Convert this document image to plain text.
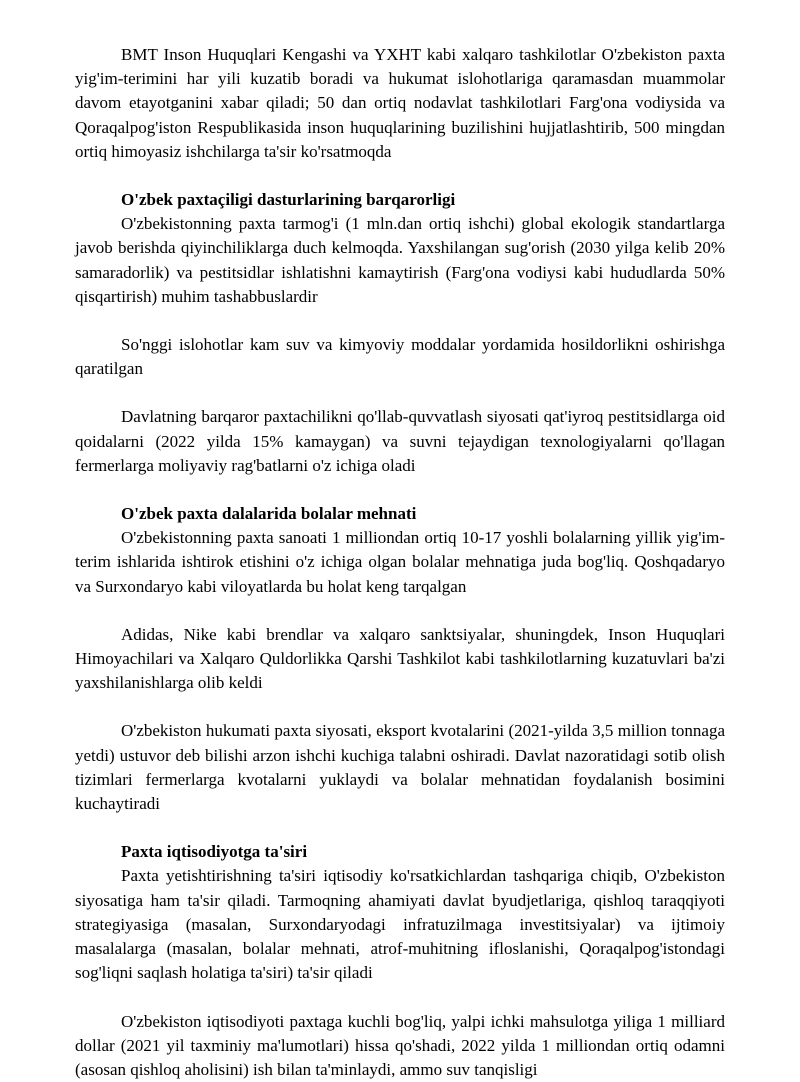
BMT Inson Huquqlari Kengashi va YXHT kabi xalqaro tashkilotlar O'zbekiston paxta yig'im-terimini har yili kuzatib boradi va hukumat islohotlariga qaramasdan muammolar davom etayotganini xabar qiladi; 50 dan ortiq nodavlat tashkilotlari Farg'ona vodiysida va Qoraqalpog'iston Respublikasida inson huquqlarining buzilishini hujjatlashtirib, 500 mingdan ortiq himoyasiz ishchilarga ta'sir ko'rsatmoqda

O'zbek paxtaçiligi dasturlarining barqarorligi

O'zbekistonning paxta tarmog'i (1 mln.dan ortiq ishchi) global ekologik standartlarga javob berishda qiyinchiliklarga duch kelmoqda. Yaxshilangan sug'orish (2030 yilga kelib 20% samaradorlik) va pestitsidlar ishlatishni kamaytirish (Farg'ona vodiysi kabi hududlarda 50% qisqartirish) muhim tashabbuslardir

So'nggi islohotlar kam suv va kimyoviy moddalar yordamida hosildorlikni oshirishga qaratilgan

Davlatning barqaror paxtachilikni qo'llab-quvvatlash siyosati qat'iyroq pestitsidlarga oid qoidalarni (2022 yilda 15% kamaygan) va suvni tejaydigan texnologiyalarni qo'llagan fermerlarga moliyaviy rag'batlarni o'z ichiga oladi

O'zbek paxta dalalarida bolalar mehnati

O'zbekistonning paxta sanoati 1 milliondan ortiq 10-17 yoshli bolalarning yillik yig'im-terim ishlarida ishtirok etishini o'z ichiga olgan bolalar mehnatiga juda bog'liq. Qoshqadaryo va Surxondaryo kabi viloyatlarda bu holat keng tarqalgan

Adidas, Nike kabi brendlar va xalqaro sanktsiyalar, shuningdek, Inson Huquqlari Himoyachilari va Xalqaro Quldorlikka Qarshi Tashkilot kabi tashkilotlarning kuzatuvlari ba'zi yaxshilanishlarga olib keldi

O'zbekiston hukumati paxta siyosati, eksport kvotalarini (2021-yilda 3,5 million tonnaga yetdi) ustuvor deb bilishi arzon ishchi kuchiga talabni oshiradi. Davlat nazoratidagi sotib olish tizimlari fermerlarga kvotalarni yuklaydi va bolalar mehnatidan foydalanish bosimini kuchaytiradi

Paxta iqtisodiyotga ta'siri

Paxta yetishtirishning ta'siri iqtisodiy ko'rsatkichlardan tashqariga chiqib, O'zbekiston siyosatiga ham ta'sir qiladi. Tarmoqning ahamiyati davlat byudjetlariga, qishloq taraqqiyoti strategiyasiga (masalan, Surxondaryodagi infratuzilmaga investitsiyalar) va ijtimoiy masalalarga (masalan, bolalar mehnati, atrof-muhitning ifloslanishi, Qoraqalpog'istondagi sog'liqni saqlash holatiga ta'siri) ta'sir qiladi

O'zbekiston iqtisodiyoti paxtaga kuchli bog'liq, yalpi ichki mahsulotga yiliga 1 milliard dollar (2021 yil taxminiy ma'lumotlari) hissa qo'shadi, 2022 yilda 1 milliondan ortiq odamni (asosan qishloq aholisini) ish bilan ta'minlaydi, ammo suv tanqisligi
